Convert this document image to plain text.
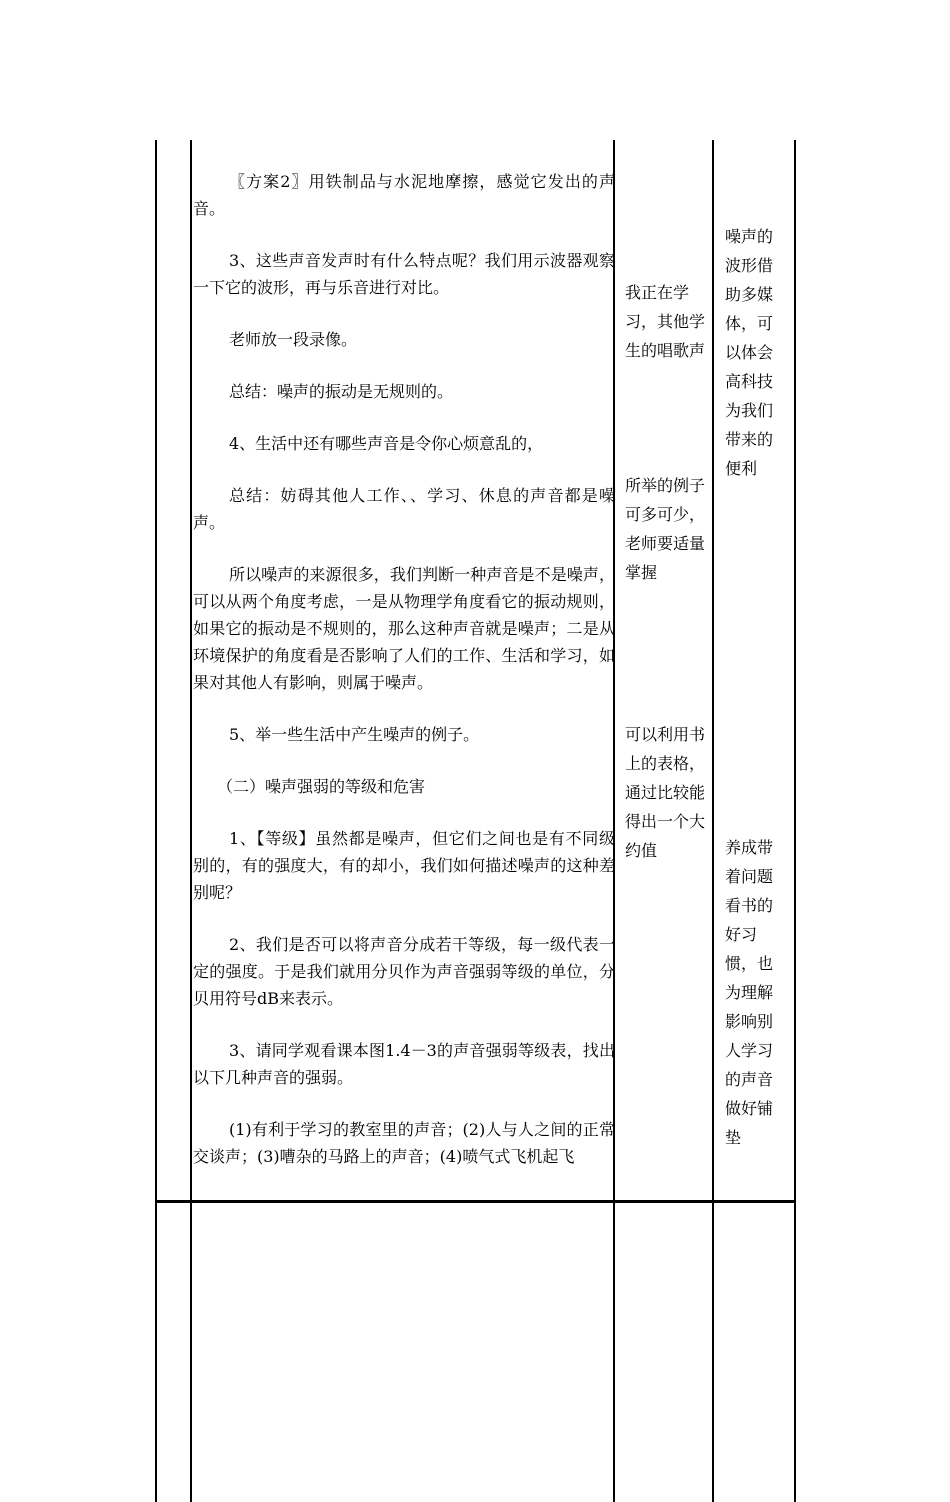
〖方案2〗用铁制品与水泥地摩擦，感觉它发出的声音。

3、这些声音发声时有什么特点呢？我们用示波器观察一下它的波形，再与乐音进行对比。

老师放一段录像。

总结：噪声的振动是无规则的。

4、生活中还有哪些声音是令你心烦意乱的，

总结：妨碍其他人工作、、学习、休息的声音都是噪声。

所以噪声的来源很多，我们判断一种声音是不是噪声，可以从两个角度考虑，一是从物理学角度看它的振动规则，如果它的振动是不规则的，那么这种声音就是噪声；二是从环境保护的角度看是否影响了人们的工作、生活和学习，如果对其他人有影响，则属于噪声。

5、举一些生活中产生噪声的例子。

（二）噪声强弱的等级和危害

1、【等级】虽然都是噪声，但它们之间也是有不同级别的，有的强度大，有的却小，我们如何描述噪声的这种差别呢？

2、我们是否可以将声音分成若干等级，每一级代表一定的强度。于是我们就用分贝作为声音强弱等级的单位，分贝用符号dB来表示。

3、请同学观看课本图1.4－3的声音强弱等级表，找出以下几种声音的强弱。

(1)有利于学习的教室里的声音；(2)人与人之间的正常交谈声；(3)嘈杂的马路上的声音；(4)喷气式飞机起飞

我正在学习，其他学生的唱歌声

所举的例子可多可少，老师要适量掌握

可以利用书上的表格，通过比较能得出一个大约值

噪声的波形借助多媒体，可以体会高科技为我们带来的便利

养成带着问题看书的好习惯，也为理解影响别人学习的声音做好铺垫
